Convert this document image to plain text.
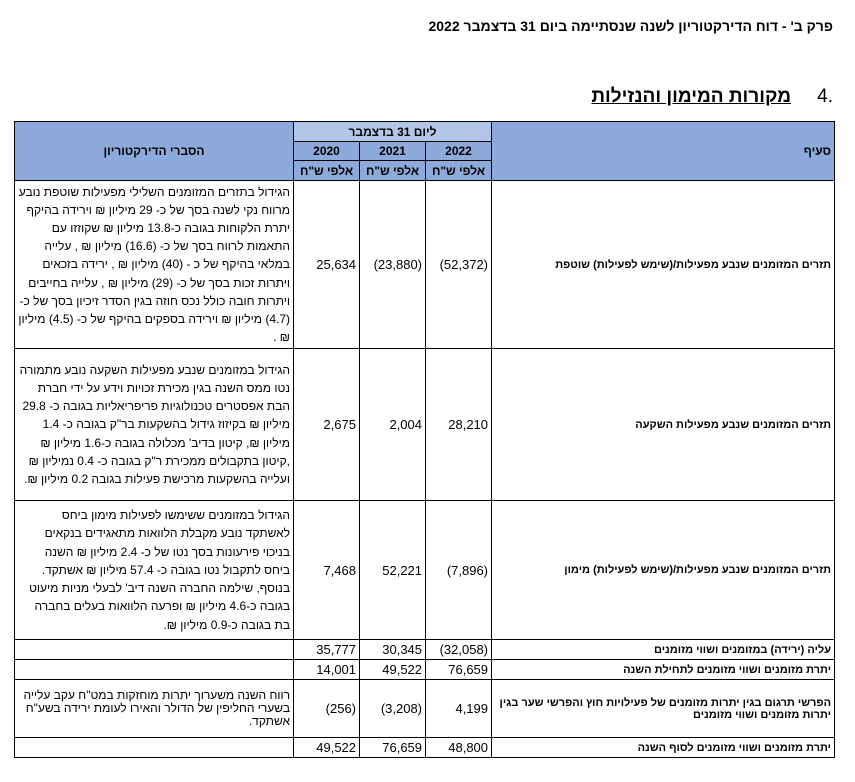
פרק ב' - דוח הדירקטוריון לשנה שנסתיימה ביום 31 בדצמבר 2022
4.
מקורות המימון והנזילות
סעיף	ליום 31 בדצמבר			הסברי הדירקטוריון
	2022	2021	2020	
	אלפי ש"ח	אלפי ש"ח	אלפי ש"ח	
תזרים המזומנים שנבע מפעילות/(שימש לפעילות) שוטפת	(52,372)	(23,880)	25,634	הגידול בתזרים המזומנים השלילי מפעילות שוטפת נובע מרווח נקי לשנה בסך של כ- 29 מיליון ₪ וירידה בהיקף יתרת הלקוחות בגובה כ-13.8 מיליון ₪ שקוזזו עם התאמות לרווח בסך של כ- (16.6) מיליון ₪ , עלייה במלאי בהיקף של כ - (40) מיליון ₪ , ירידה בזכאים ויתרות זכות בסך של כ- (29) מיליון ₪ , עלייה בחייבים ויתרות חובה כולל נכס חוזה בגין הסדר זיכיון בסך של כ- (4.7) מיליון ₪ וירידה בספקים בהיקף של כ- (4.5) מיליון ₪ .
תזרים המזומנים שנבע מפעילות השקעה	28,210	2,004	2,675	הגידול במזומנים שנבע מפעילות השקעה נובע מתמורה נטו ממס השנה בגין מכירת זכויות וידע על ידי חברת הבת אפסטרים טכנולוגיות פריפריאליות בגובה כ- 29.8 מיליון ₪ בקיזוז גידול בהשקעות בר"ק בגובה כ- 1.4 מיליון ₪, קיטון בדיב' מכלולה בגובה כ-1.6 מיליון ₪ ,קיטון בתקבולים ממכירת ר"ק בגובה כ- 0.4 נמיליון ₪ ועלייה בהשקעות מרכישת פעילות בגובה 0.2 מיליון ₪.
תזרים המזומנים שנבע מפעילות/(שימש לפעילות) מימון	(7,896)	52,221	7,468	הגידול במזומנים ששימשו לפעילות מימון ביחס לאשתקד נובע מקבלת הלוואות מתאגידים בנקאים בניכוי פירעונות בסך נטו של כ- 2.4 מיליון ₪ השנה ביחס לתקבול נטו בגובה כ- 57.4 מיליון ₪ אשתקד. בנוסף, שילמה החברה השנה דיב' לבעלי מניות מיעוט בגובה כ-4.6 מיליון ₪ ופרעה הלוואות בעלים בחברה בת בגובה כ-0.9 מיליון ₪.
עליה (ירידה) במזומנים ושווי מזומנים	(32,058)	30,345	35,777	
יתרת מזומנים ושווי מזומנים לתחילת השנה	76,659	49,522	14,001	
הפרשי תרגום בגין יתרות מזומנים של פעילויות חוץ והפרשי שער בגין יתרות מזומנים ושווי מזומנים	4,199	(3,208)	(256)	רווח השנה משערוך יתרות מוחזקות במט"ח עקב עלייה בשערי החליפין של הדולר והאירו לעומת ירידה בשע"ח אשתקד.
יתרת מזומנים ושווי מזומנים לסוף השנה	48,800	76,659	49,522	
